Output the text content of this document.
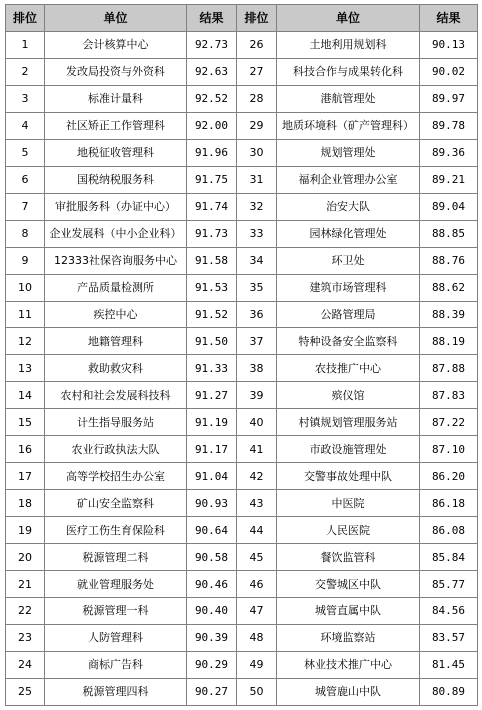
排位	单位	结果	排位	单位	结果
1	会计核算中心	92.73	26	土地利用规划科	90.13
2	发改局投资与外资科	92.63	27	科技合作与成果转化科	90.02
3	标准计量科	92.52	28	港航管理处	89.97
4	社区矫正工作管理科	92.00	29	地质环境科（矿产管理科）	89.78
5	地税征收管理科	91.96	30	规划管理处	89.36
6	国税纳税服务科	91.75	31	福利企业管理办公室	89.21
7	审批服务科（办证中心）	91.74	32	治安大队	89.04
8	企业发展科（中小企业科）	91.73	33	园林绿化管理处	88.85
9	12333社保咨询服务中心	91.58	34	环卫处	88.76
10	产品质量检测所	91.53	35	建筑市场管理科	88.62
11	疾控中心	91.52	36	公路管理局	88.39
12	地籍管理科	91.50	37	特种设备安全监察科	88.19
13	救助救灾科	91.33	38	农技推广中心	87.88
14	农村和社会发展科技科	91.27	39	殡仪馆	87.83
15	计生指导服务站	91.19	40	村镇规划管理服务站	87.22
16	农业行政执法大队	91.17	41	市政设施管理处	87.10
17	高等学校招生办公室	91.04	42	交警事故处理中队	86.20
18	矿山安全监察科	90.93	43	中医院	86.18
19	医疗工伤生育保险科	90.64	44	人民医院	86.08
20	税源管理二科	90.58	45	餐饮监管科	85.84
21	就业管理服务处	90.46	46	交警城区中队	85.77
22	税源管理一科	90.40	47	城管直属中队	84.56
23	人防管理科	90.39	48	环境监察站	83.57
24	商标广告科	90.29	49	林业技术推广中心	81.45
25	税源管理四科	90.27	50	城管鹿山中队	80.89
